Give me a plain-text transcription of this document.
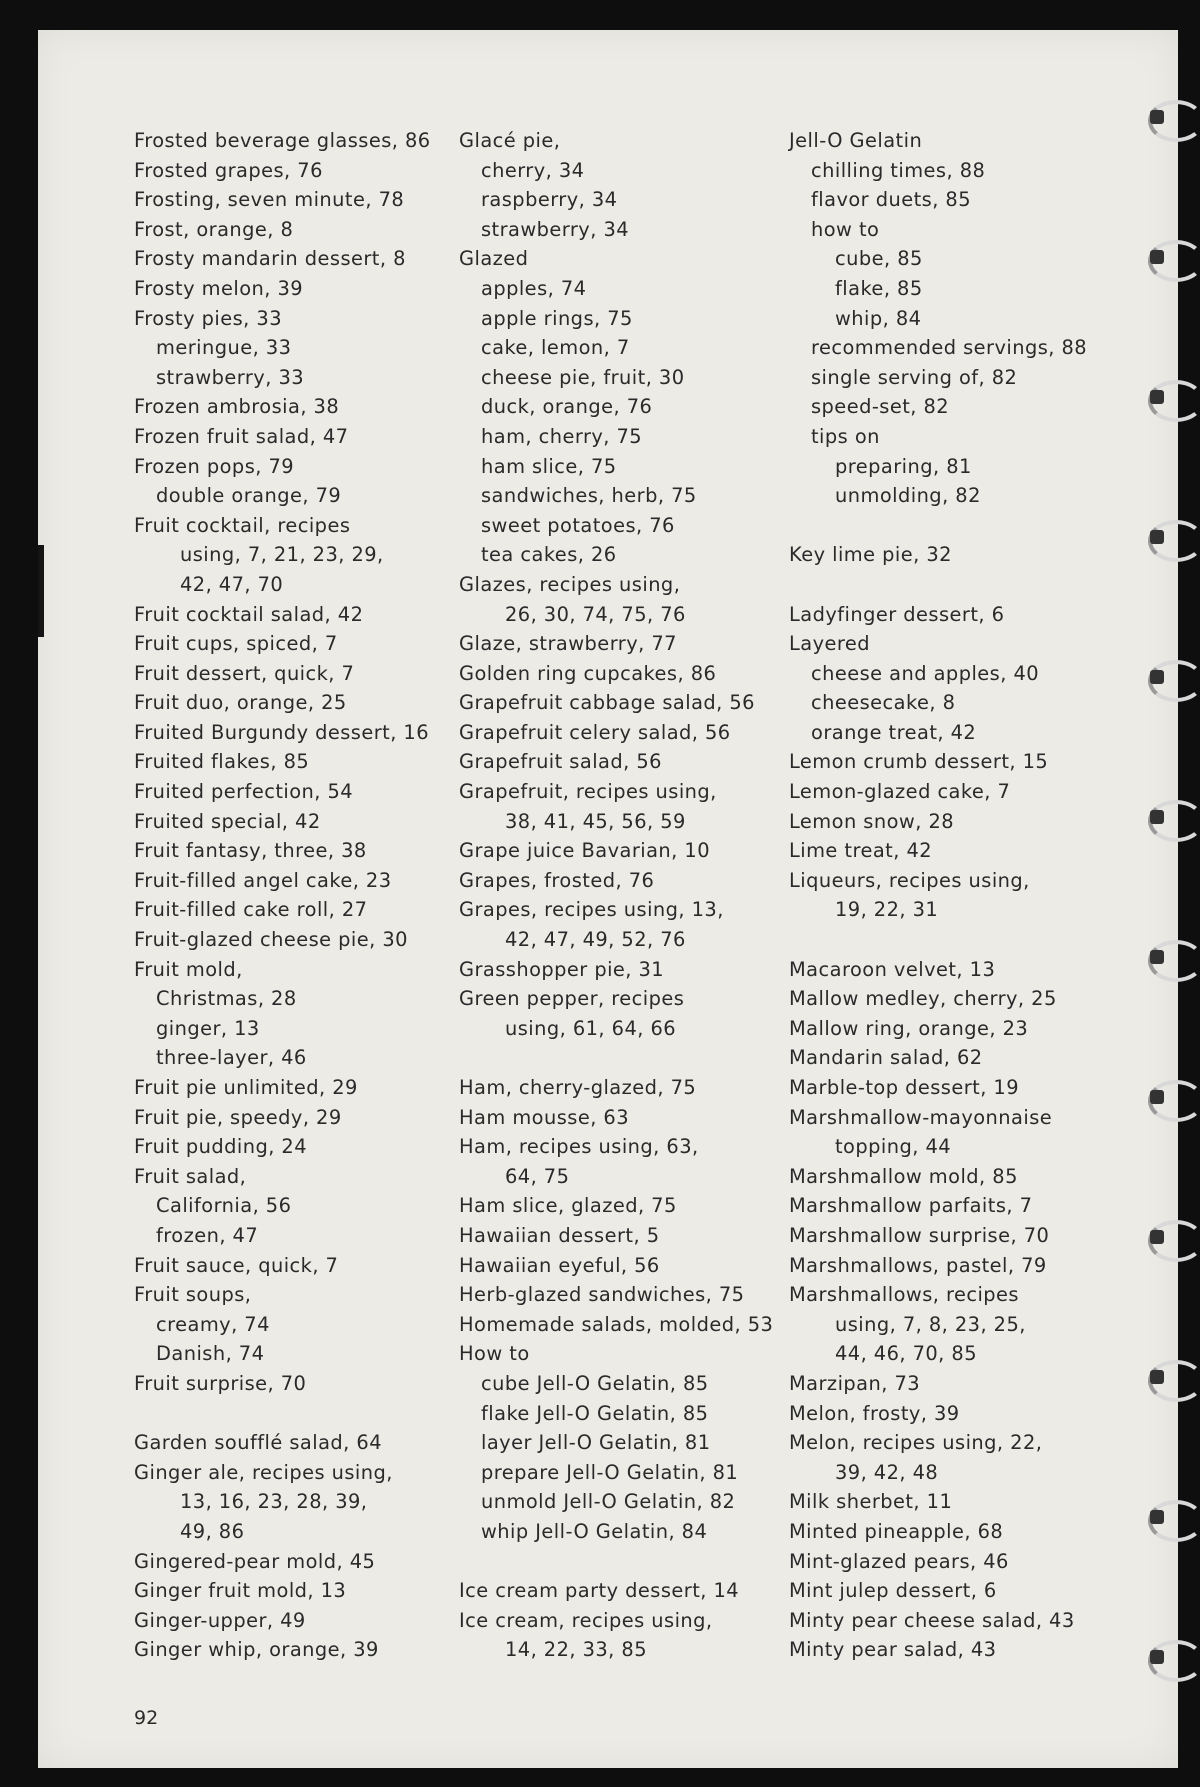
Frosted beverage glasses, 86
Frosted grapes, 76
Frosting, seven minute, 78
Frost, orange, 8
Frosty mandarin dessert, 8
Frosty melon, 39
Frosty pies, 33
meringue, 33
strawberry, 33
Frozen ambrosia, 38
Frozen fruit salad, 47
Frozen pops, 79
double orange, 79
Fruit cocktail, recipes
using, 7, 21, 23, 29,
42, 47, 70
Fruit cocktail salad, 42
Fruit cups, spiced, 7
Fruit dessert, quick, 7
Fruit duo, orange, 25
Fruited Burgundy dessert, 16
Fruited flakes, 85
Fruited perfection, 54
Fruited special, 42
Fruit fantasy, three, 38
Fruit-filled angel cake, 23
Fruit-filled cake roll, 27
Fruit-glazed cheese pie, 30
Fruit mold,
Christmas, 28
ginger, 13
three-layer, 46
Fruit pie unlimited, 29
Fruit pie, speedy, 29
Fruit pudding, 24
Fruit salad,
California, 56
frozen, 47
Fruit sauce, quick, 7
Fruit soups,
creamy, 74
Danish, 74
Fruit surprise, 70
Garden soufflé salad, 64
Ginger ale, recipes using,
13, 16, 23, 28, 39,
49, 86
Gingered-pear mold, 45
Ginger fruit mold, 13
Ginger-upper, 49
Ginger whip, orange, 39
Glacé pie,
cherry, 34
raspberry, 34
strawberry, 34
Glazed
apples, 74
apple rings, 75
cake, lemon, 7
cheese pie, fruit, 30
duck, orange, 76
ham, cherry, 75
ham slice, 75
sandwiches, herb, 75
sweet potatoes, 76
tea cakes, 26
Glazes, recipes using,
26, 30, 74, 75, 76
Glaze, strawberry, 77
Golden ring cupcakes, 86
Grapefruit cabbage salad, 56
Grapefruit celery salad, 56
Grapefruit salad, 56
Grapefruit, recipes using,
38, 41, 45, 56, 59
Grape juice Bavarian, 10
Grapes, frosted, 76
Grapes, recipes using, 13,
42, 47, 49, 52, 76
Grasshopper pie, 31
Green pepper, recipes
using, 61, 64, 66
Ham, cherry-glazed, 75
Ham mousse, 63
Ham, recipes using, 63,
64, 75
Ham slice, glazed, 75
Hawaiian dessert, 5
Hawaiian eyeful, 56
Herb-glazed sandwiches, 75
Homemade salads, molded, 53
How to
cube Jell-O Gelatin, 85
flake Jell-O Gelatin, 85
layer Jell-O Gelatin, 81
prepare Jell-O Gelatin, 81
unmold Jell-O Gelatin, 82
whip Jell-O Gelatin, 84
Ice cream party dessert, 14
Ice cream, recipes using,
14, 22, 33, 85
Jell-O Gelatin
chilling times, 88
flavor duets, 85
how to
cube, 85
flake, 85
whip, 84
recommended servings, 88
single serving of, 82
speed-set, 82
tips on
preparing, 81
unmolding, 82
Key lime pie, 32
Ladyfinger dessert, 6
Layered
cheese and apples, 40
cheesecake, 8
orange treat, 42
Lemon crumb dessert, 15
Lemon-glazed cake, 7
Lemon snow, 28
Lime treat, 42
Liqueurs, recipes using,
19, 22, 31
Macaroon velvet, 13
Mallow medley, cherry, 25
Mallow ring, orange, 23
Mandarin salad, 62
Marble-top dessert, 19
Marshmallow-mayonnaise
topping, 44
Marshmallow mold, 85
Marshmallow parfaits, 7
Marshmallow surprise, 70
Marshmallows, pastel, 79
Marshmallows, recipes
using, 7, 8, 23, 25,
44, 46, 70, 85
Marzipan, 73
Melon, frosty, 39
Melon, recipes using, 22,
39, 42, 48
Milk sherbet, 11
Minted pineapple, 68
Mint-glazed pears, 46
Mint julep dessert, 6
Minty pear cheese salad, 43
Minty pear salad, 43
92
